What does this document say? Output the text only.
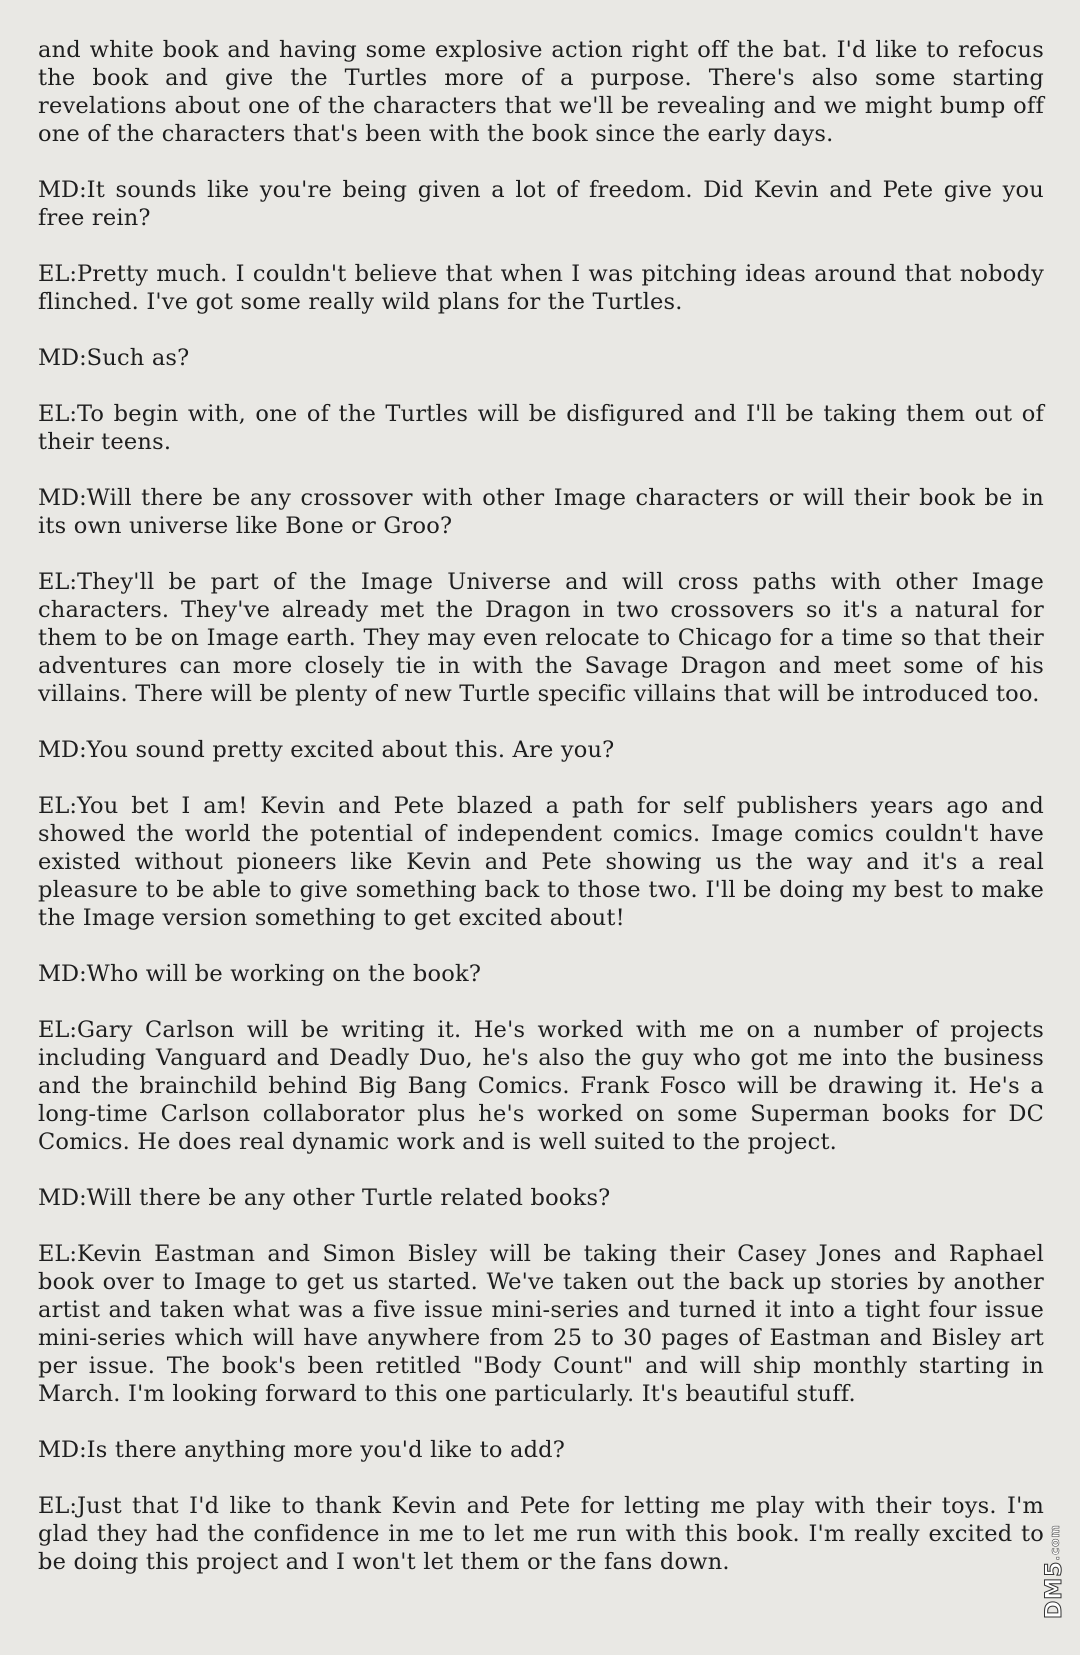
and white book and having some explosive action right off the bat. I'd like to refocus the book and give the Turtles more of a purpose. There's also some starting revelations about one of the characters that we'll be revealing and we might bump off one of the characters that's been with the book since the early days.

MD:It sounds like you're being given a lot of freedom. Did Kevin and Pete give you free rein?

EL:Pretty much. I couldn't believe that when I was pitching ideas around that nobody flinched. I've got some really wild plans for the Turtles.

MD:Such as?

EL:To begin with, one of the Turtles will be disfigured and I'll be taking them out of their teens.

MD:Will there be any crossover with other Image characters or will their book be in its own universe like Bone or Groo?

EL:They'll be part of the Image Universe and will cross paths with other Image characters. They've already met the Dragon in two crossovers so it's a natural for them to be on Image earth. They may even relocate to Chicago for a time so that their adventures can more closely tie in with the Savage Dragon and meet some of his villains. There will be plenty of new Turtle specific villains that will be introduced too.

MD:You sound pretty excited about this. Are you?

EL:You bet I am! Kevin and Pete blazed a path for self publishers years ago and showed the world the potential of independent comics. Image comics couldn't have existed without pioneers like Kevin and Pete showing us the way and it's a real pleasure to be able to give something back to those two. I'll be doing my best to make the Image version something to get excited about!

MD:Who will be working on the book?

EL:Gary Carlson will be writing it. He's worked with me on a number of projects including Vanguard and Deadly Duo, he's also the guy who got me into the business and the brainchild behind Big Bang Comics. Frank Fosco will be drawing it. He's a long-time Carlson collaborator plus he's worked on some Superman books for DC Comics. He does real dynamic work and is well suited to the project.

MD:Will there be any other Turtle related books?

EL:Kevin Eastman and Simon Bisley will be taking their Casey Jones and Raphael book over to Image to get us started. We've taken out the back up stories by another artist and taken what was a five issue mini-series and turned it into a tight four issue mini-series which will have anywhere from 25 to 30 pages of Eastman and Bisley art per issue. The book's been retitled "Body Count" and will ship monthly starting in March. I'm looking forward to this one particularly. It's beautiful stuff.

MD:Is there anything more you'd like to add?

EL:Just that I'd like to thank Kevin and Pete for letting me play with their toys. I'm glad they had the confidence in me to let me run with this book. I'm really excited to be doing this project and I won't let them or the fans down.	DM5.com
